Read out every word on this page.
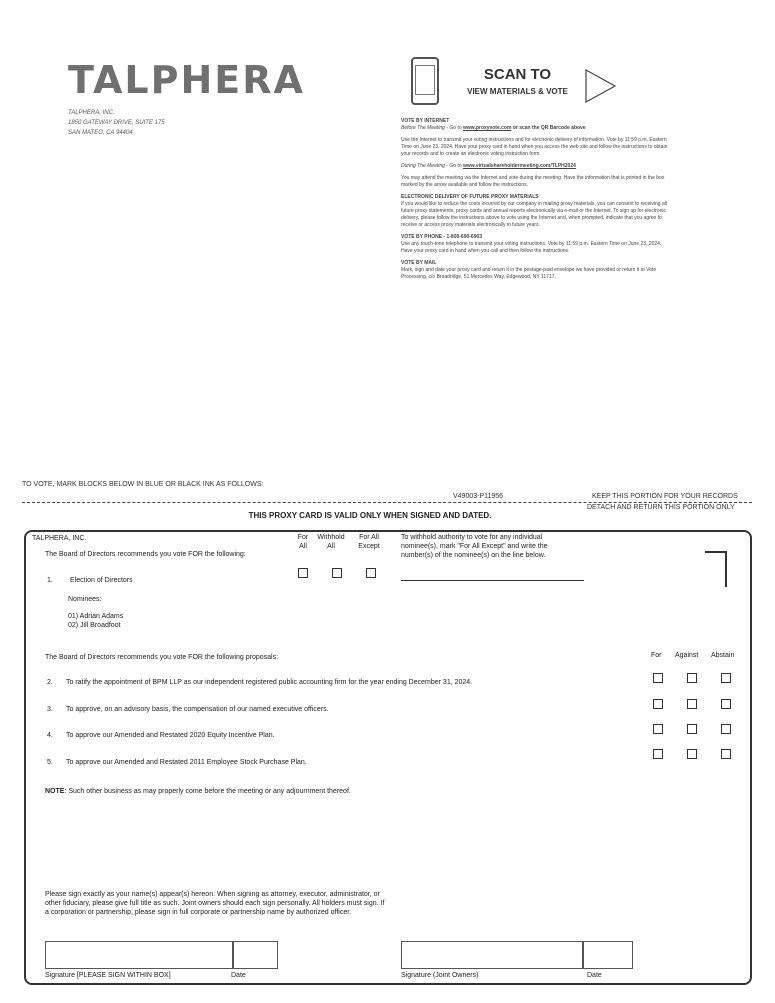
TALPHERA
TALPHERA, INC.
1850 GATEWAY DRIVE, SUITE 175
SAN MATEO, CA 94404
SCAN TO
VIEW MATERIALS & VOTE

VOTE BY INTERNET

Before The Meeting - Go to www.proxyvote.com or scan the QR Barcode above

Use the Internet to transmit your voting instructions and for electronic delivery of information. Vote by 11:59 p.m. Eastern Time on June 23, 2024. Have your proxy card in hand when you access the web site and follow the instructions to obtain your records and to create an electronic voting instruction form.

During The Meeting - Go to www.virtualshareholdermeeting.com/TLPH2024

You may attend the meeting via the Internet and vote during the meeting. Have the information that is printed in the box marked by the arrow available and follow the instructions.

ELECTRONIC DELIVERY OF FUTURE PROXY MATERIALS

If you would like to reduce the costs incurred by our company in mailing proxy materials, you can consent to receiving all future proxy statements, proxy cards and annual reports electronically via e-mail or the Internet. To sign up for electronic delivery, please follow the instructions above to vote using the Internet and, when prompted, indicate that you agree to receive or access proxy materials electronically in future years.

VOTE BY PHONE - 1-800-690-6903

Use any touch-tone telephone to transmit your voting instructions. Vote by 11:59 p.m. Eastern Time on June 23, 2024. Have your proxy card in hand when you call and then follow the instructions.

VOTE BY MAIL

Mark, sign and date your proxy card and return it in the postage-paid envelope we have provided or return it to Vote Processing, c/o Broadridge, 51 Mercedes Way, Edgewood, NY 11717.

TO VOTE, MARK BLOCKS BELOW IN BLUE OR BLACK INK AS FOLLOWS:
V49003-P11956	KEEP THIS PORTION FOR YOUR RECORDS
DETACH AND RETURN THIS PORTION ONLY
THIS PROXY CARD IS VALID ONLY WHEN SIGNED AND DATED.
TALPHERA, INC.
The Board of Directors recommends you vote FOR the following:
For All
Withhold All
For All Except
To withhold authority to vote for any individual nominee(s), mark "For All Except" and write the number(s) of the nominee(s) on the line below.
1. Election of Directors
Nominees:
01) Adrian Adams
02) Jill Broadfoot
The Board of Directors recommends you vote FOR the following proposals:	For Against Abstain
2. To ratify the appointment of BPM LLP as our independent registered public accounting firm for the year ending December 31, 2024.
3. To approve, on an advisory basis, the compensation of our named executive officers.
4. To approve our Amended and Restated 2020 Equity Incentive Plan.
5. To approve our Amended and Restated 2011 Employee Stock Purchase Plan.
NOTE: Such other business as may properly come before the meeting or any adjournment thereof.
Please sign exactly as your name(s) appear(s) hereon. When signing as attorney, executor, administrator, or other fiduciary, please give full title as such. Joint owners should each sign personally. All holders must sign. If a corporation or partnership, please sign in full corporate or partnership name by authorized officer.
Signature [PLEASE SIGN WITHIN BOX]	Date	Signature (Joint Owners)	Date
